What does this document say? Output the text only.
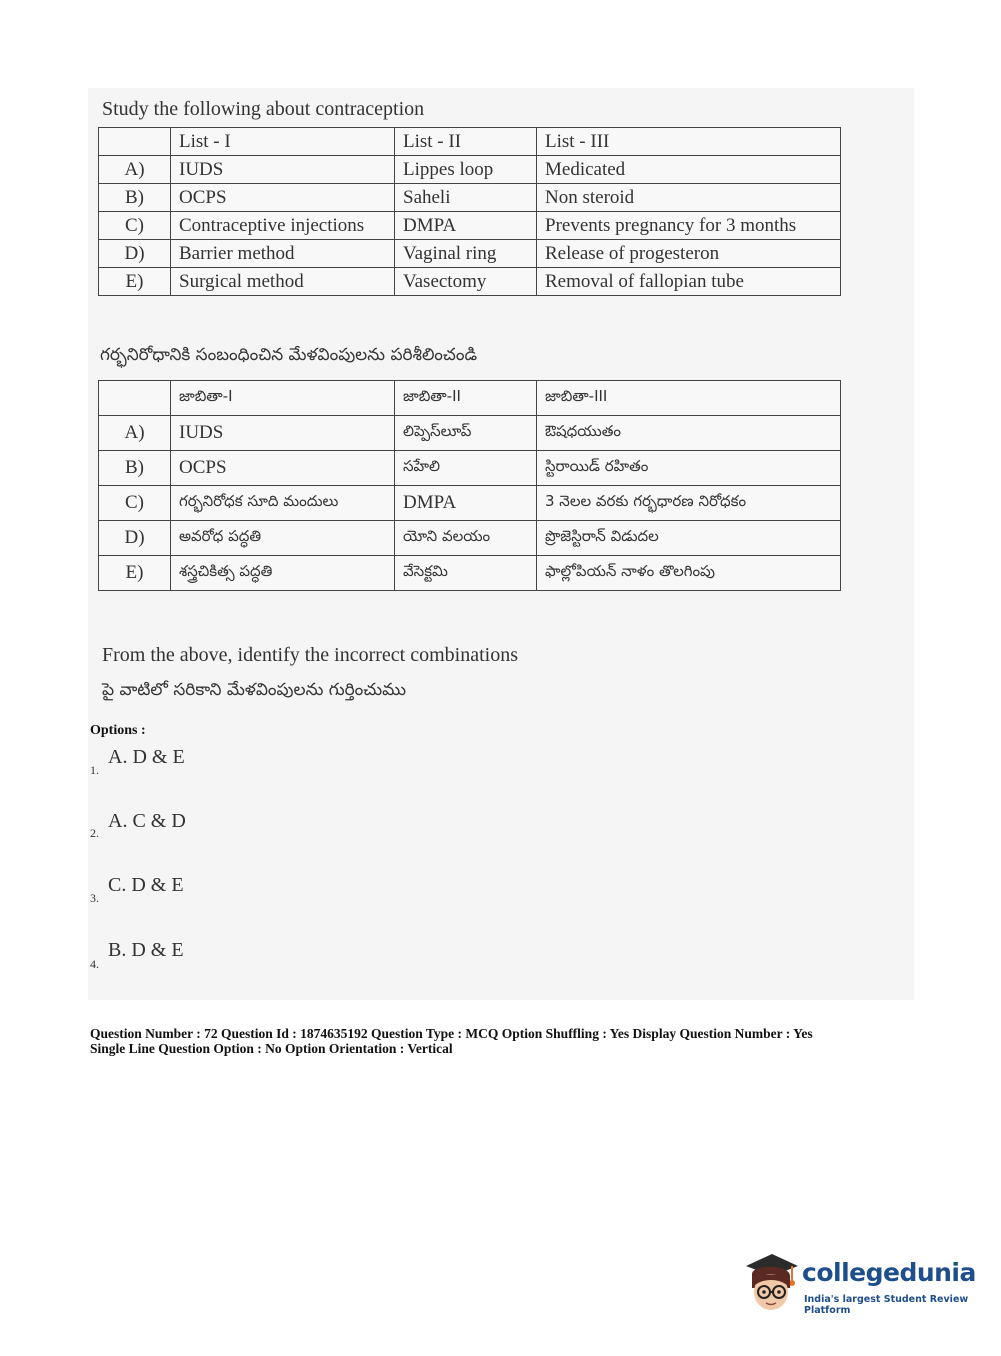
Study the following about contraception
	List - I	List - II	List - III
A)	IUDS	Lippes loop	Medicated
B)	OCPS	Saheli	Non steroid
C)	Contraceptive injections	DMPA	Prevents pregnancy for 3 months
D)	Barrier method	Vaginal ring	Release of progesteron
E)	Surgical method	Vasectomy	Removal of fallopian tube
గర్భనిరోధానికి సంబంధించిన మేళవింపులను పరిశీలించండి
	జాబితా-I	జాబితా-II	జాబితా-III
A)	IUDS	లిప్పెస్‌లూప్	ఔషధయుతం
B)	OCPS	సహేలి	స్టిరాయిడ్ రహితం
C)	గర్భనిరోధక సూది మందులు	DMPA	3 నెలల వరకు గర్భధారణ నిరోధకం
D)	అవరోధ పద్ధతి	యోని వలయం	ప్రొజెస్టిరాన్ విడుదల
E)	శస్త్రచికిత్స పద్ధతి	వేసెక్టమి	ఫాల్లోపియన్ నాళం తొలగింపు
From the above, identify the incorrect combinations
పై వాటిలో సరికాని మేళవింపులను గుర్తించుము
Options :
1.
A. D & E
2.
A. C & D
3.
C. D & E
4.
B. D & E
Question Number : 72 Question Id : 1874635192 Question Type : MCQ Option Shuffling : Yes Display Question Number : Yes
Single Line Question Option : No Option Orientation : Vertical
collegedunia
India's largest Student Review Platform
